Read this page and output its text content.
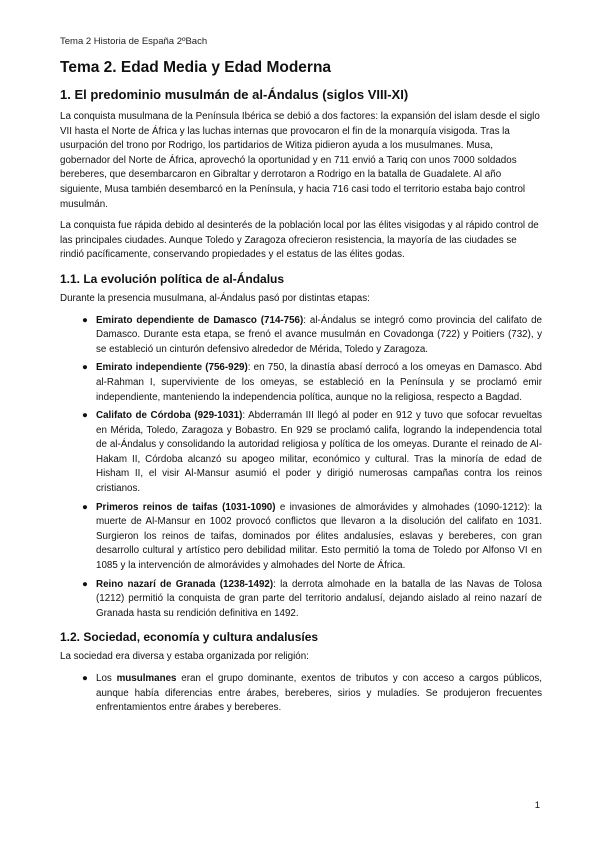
Tema 2 Historia de España 2ºBach
Tema 2. Edad Media y Edad Moderna
1. El predominio musulmán de al-Ándalus (siglos VIII-XI)

La conquista musulmana de la Península Ibérica se debió a dos factores: la expansión del islam desde el siglo VII hasta el Norte de África y las luchas internas que provocaron el fin de la monarquía visigoda. Tras la usurpación del trono por Rodrigo, los partidarios de Witiza pidieron ayuda a los musulmanes. Musa, gobernador del Norte de África, aprovechó la oportunidad y en 711 envió a Tariq con unos 7000 soldados bereberes, que desembarcaron en Gibraltar y derrotaron a Rodrigo en la batalla de Guadalete. Al año siguiente, Musa también desembarcó en la Península, y hacia 716 casi todo el territorio estaba bajo control musulmán.

La conquista fue rápida debido al desinterés de la población local por las élites visigodas y al rápido control de las principales ciudades. Aunque Toledo y Zaragoza ofrecieron resistencia, la mayoría de las ciudades se rindió pacíficamente, conservando propiedades y el estatus de las élites godas.

1.1. La evolución política de al-Ándalus

Durante la presencia musulmana, al-Ándalus pasó por distintas etapas:

● Emirato dependiente de Damasco (714-756): al-Ándalus se integró como provincia del califato de Damasco. Durante esta etapa, se frenó el avance musulmán en Covadonga (722) y Poitiers (732), y se estableció un cinturón defensivo alrededor de Mérida, Toledo y Zaragoza.
● Emirato independiente (756-929): en 750, la dinastía abasí derrocó a los omeyas en Damasco. Abd al-Rahman I, superviviente de los omeyas, se estableció en la Península y se proclamó emir independiente, manteniendo la independencia política, aunque no la religiosa, respecto a Bagdad.
● Califato de Córdoba (929-1031): Abderramán III llegó al poder en 912 y tuvo que sofocar revueltas en Mérida, Toledo, Zaragoza y Bobastro. En 929 se proclamó califa, logrando la independencia total de al-Ándalus y consolidando la autoridad religiosa y política de los omeyas. Durante el reinado de Al-Hakam II, Córdoba alcanzó su apogeo militar, económico y cultural. Tras la minoría de edad de Hisham II, el visir Al-Mansur asumió el poder y dirigió numerosas campañas contra los reinos cristianos.
● Primeros reinos de taifas (1031-1090) e invasiones de almorávides y almohades (1090-1212): la muerte de Al-Mansur en 1002 provocó conflictos que llevaron a la disolución del califato en 1031. Surgieron los reinos de taifas, dominados por élites andalusíes, eslavas y bereberes, con gran desarrollo cultural y artístico pero debilidad militar. Esto permitió la toma de Toledo por Alfonso VI en 1085 y la intervención de almorávides y almohades del Norte de África.
● Reino nazarí de Granada (1238-1492): la derrota almohade en la batalla de las Navas de Tolosa (1212) permitió la conquista de gran parte del territorio andalusí, dejando aislado al reino nazarí de Granada hasta su rendición definitiva en 1492.
1.2. Sociedad, economía y cultura andalusíes

La sociedad era diversa y estaba organizada por religión:

● Los musulmanes eran el grupo dominante, exentos de tributos y con acceso a cargos públicos, aunque había diferencias entre árabes, bereberes, sirios y muladíes. Se produjeron frecuentes enfrentamientos entre árabes y bereberes.
1
